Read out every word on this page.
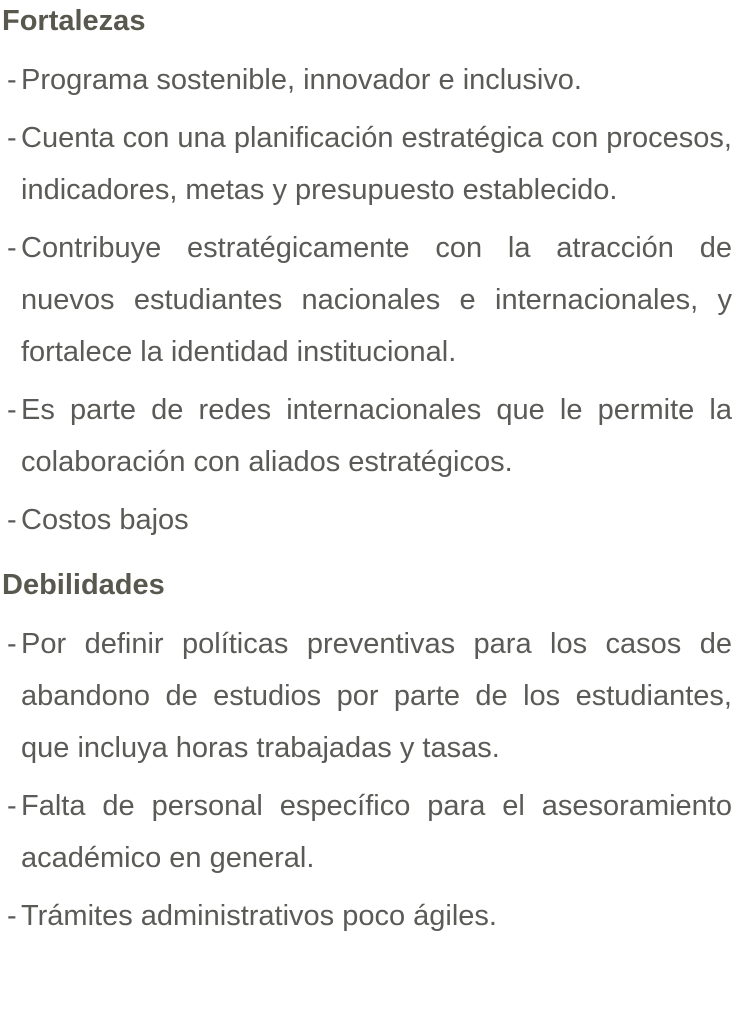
Fortalezas
- Programa sostenible, innovador e inclusivo.
- Cuenta con una planificación estratégica con procesos, indicadores, metas y presupuesto establecido.
- Contribuye estratégicamente con la atracción de nuevos estudiantes nacionales e internacionales, y fortalece la identidad institucional.
- Es parte de redes internacionales que le permite la colaboración con aliados estratégicos.
- Costos bajos
Debilidades
- Por definir políticas preventivas para los casos de abandono de estudios por parte de los estudiantes, que incluya horas trabajadas y tasas.
- Falta de personal específico para el asesoramiento académico en general.
- Trámites administrativos poco ágiles.
